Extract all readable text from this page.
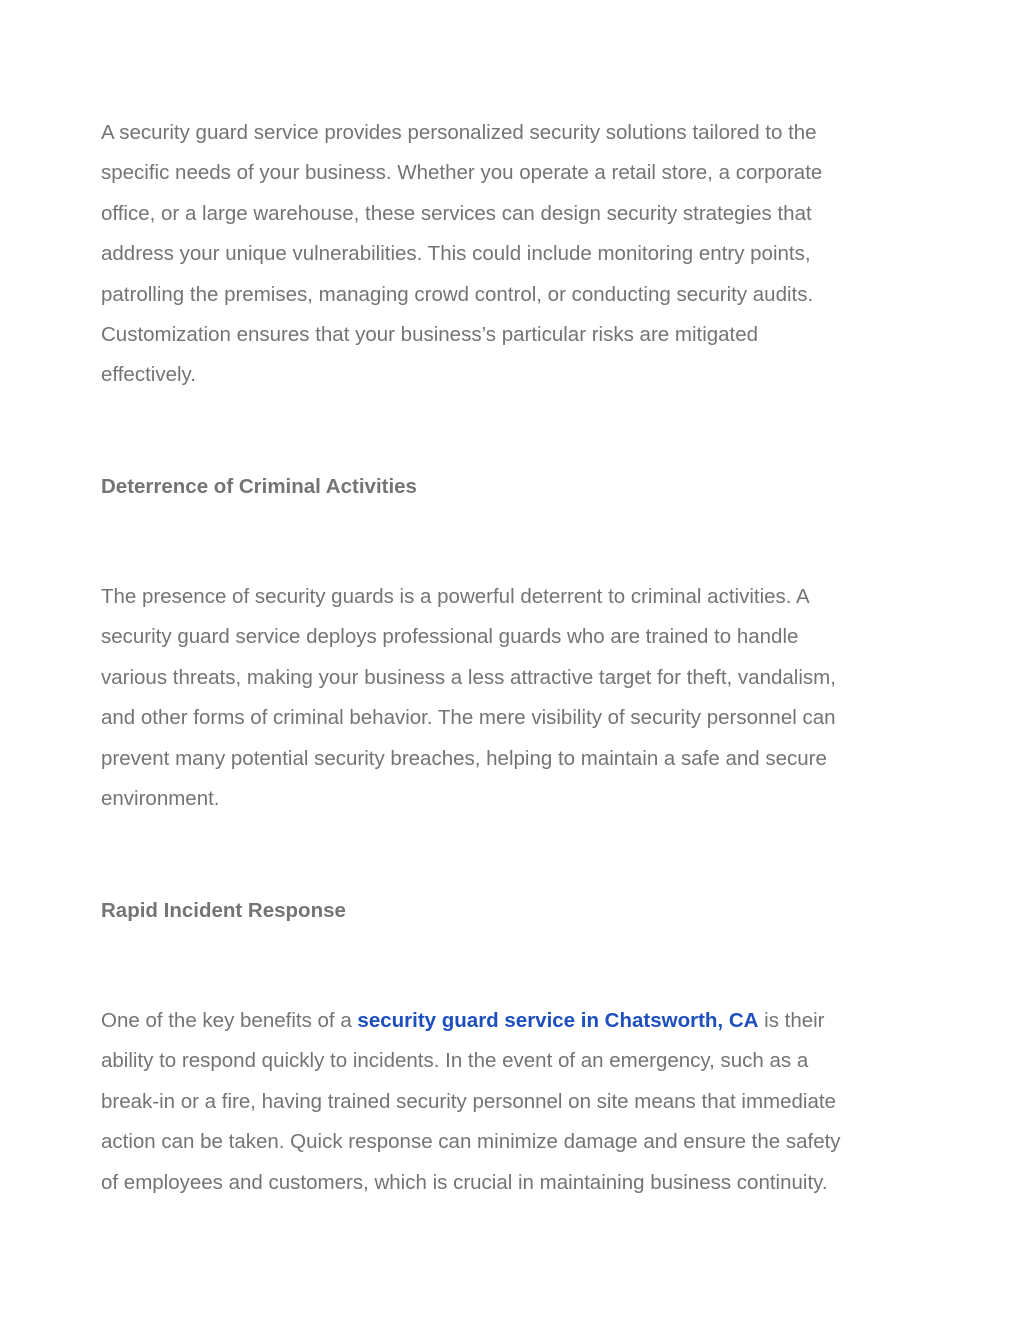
A security guard service provides personalized security solutions tailored to the
specific needs of your business. Whether you operate a retail store, a corporate
office, or a large warehouse, these services can design security strategies that
address your unique vulnerabilities. This could include monitoring entry points,
patrolling the premises, managing crowd control, or conducting security audits.
Customization ensures that your business’s particular risks are mitigated
effectively.

Deterrence of Criminal Activities

The presence of security guards is a powerful deterrent to criminal activities. A
security guard service deploys professional guards who are trained to handle
various threats, making your business a less attractive target for theft, vandalism,
and other forms of criminal behavior. The mere visibility of security personnel can
prevent many potential security breaches, helping to maintain a safe and secure
environment.

Rapid Incident Response

One of the key benefits of a security guard service in Chatsworth, CA is their
ability to respond quickly to incidents. In the event of an emergency, such as a
break-in or a fire, having trained security personnel on site means that immediate
action can be taken. Quick response can minimize damage and ensure the safety
of employees and customers, which is crucial in maintaining business continuity.
